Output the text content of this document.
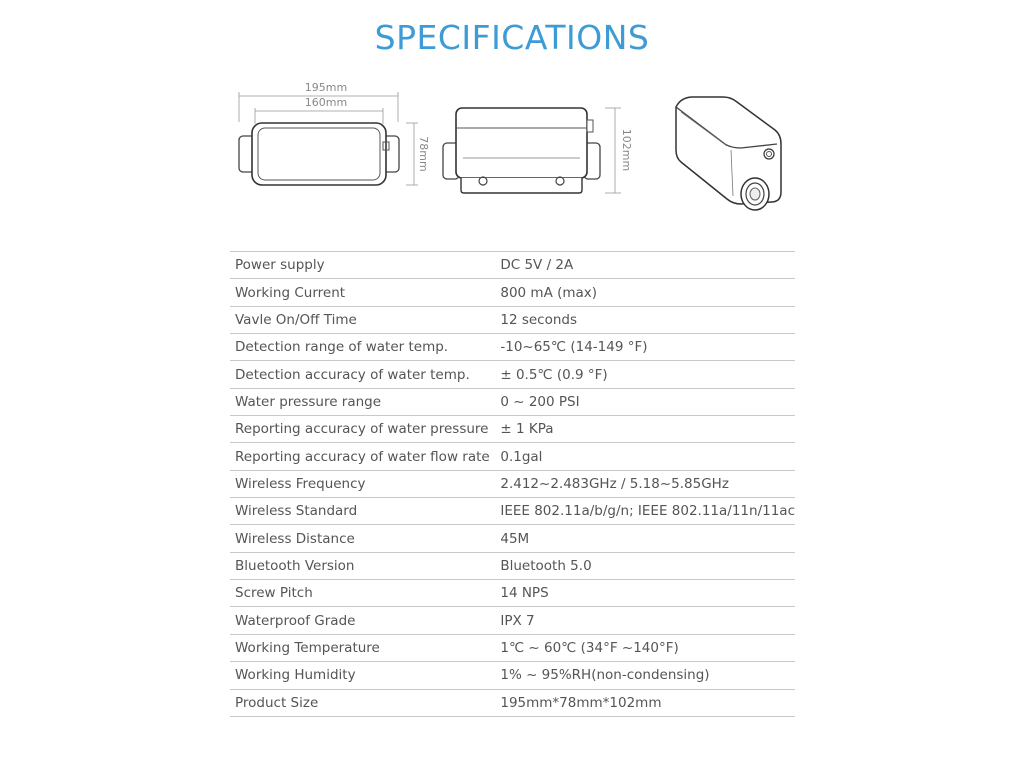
SPECIFICATIONS
195mm
160mm
78mm	102mm
Power supply	DC 5V / 2A
Working Current	800 mA (max)
Vavle On/Off Time	12 seconds
Detection range of water temp.	-10~65℃ (14-149 °F)
Detection accuracy of water temp.	± 0.5℃ (0.9 °F)
Water pressure range	0 ~ 200 PSI
Reporting accuracy of water pressure	± 1 KPa
Reporting accuracy of water flow rate	0.1gal
Wireless Frequency	2.412~2.483GHz / 5.18~5.85GHz
Wireless Standard	IEEE 802.11a/b/g/n; IEEE 802.11a/11n/11ac
Wireless Distance	45M
Bluetooth Version	Bluetooth 5.0
Screw Pitch	14 NPS
Waterproof Grade	IPX 7
Working Temperature	1℃ ~ 60℃ (34°F ~140°F)
Working Humidity	1% ~ 95%RH(non-condensing)
Product Size	195mm*78mm*102mm
